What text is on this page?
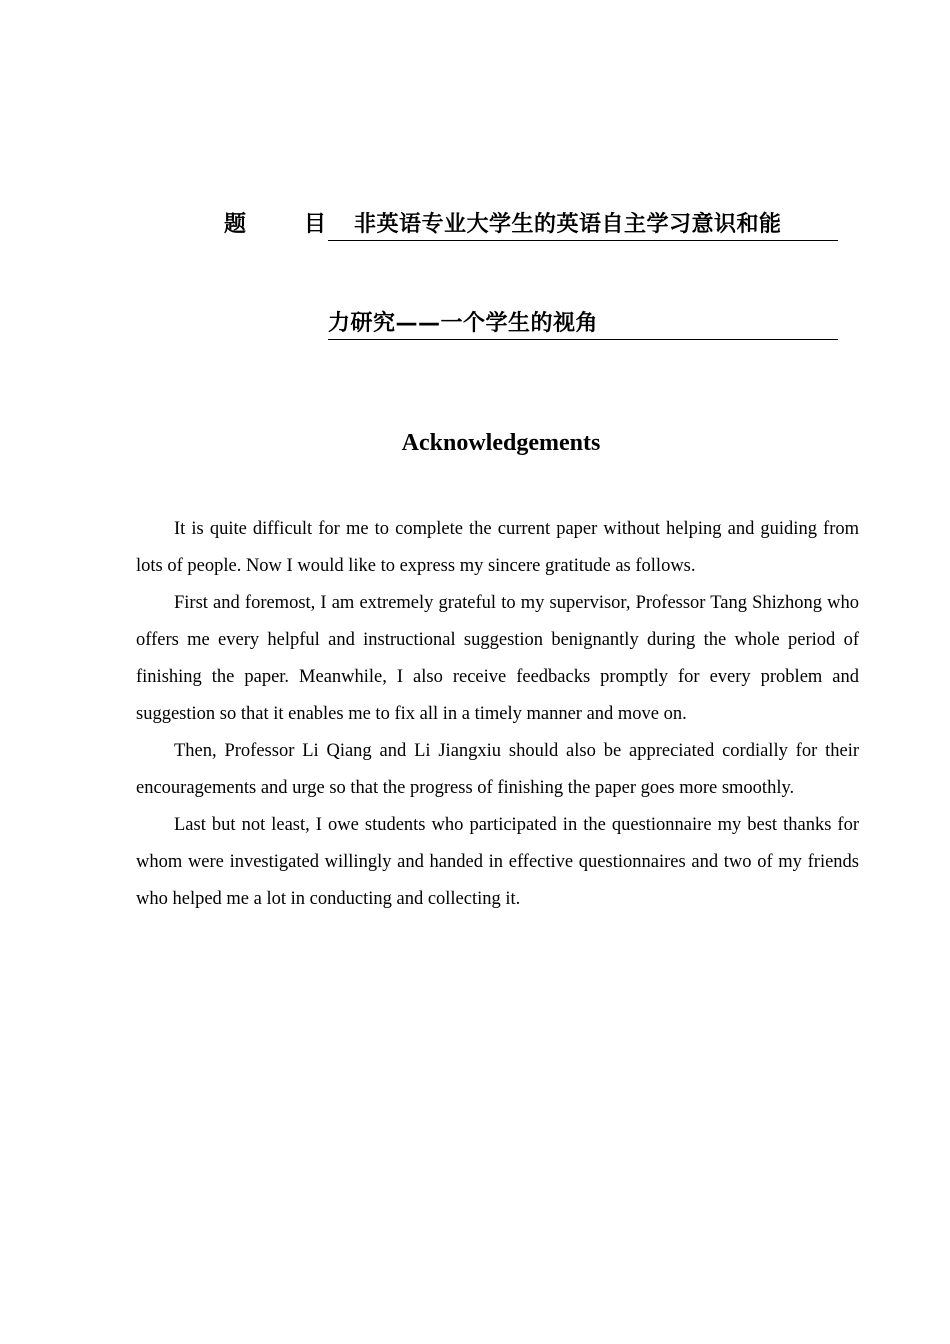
题	目	非英语专业大学生的英语自主学习意识和能
力研究——一个学生的视角
Acknowledgements

It is quite difficult for me to complete the current paper without helping and guiding from lots of people. Now I would like to express my sincere gratitude as follows.

First and foremost, I am extremely grateful to my supervisor, Professor Tang Shizhong who offers me every helpful and instructional suggestion benignantly during the whole period of finishing the paper. Meanwhile, I also receive feedbacks promptly for every problem and suggestion so that it enables me to fix all in a timely manner and move on.

Then, Professor Li Qiang and Li Jiangxiu should also be appreciated cordially for their encouragements and urge so that the progress of finishing the paper goes more smoothly.

Last but not least, I owe students who participated in the questionnaire my best thanks for whom were investigated willingly and handed in effective questionnaires and two of my friends who helped me a lot in conducting and collecting it.
